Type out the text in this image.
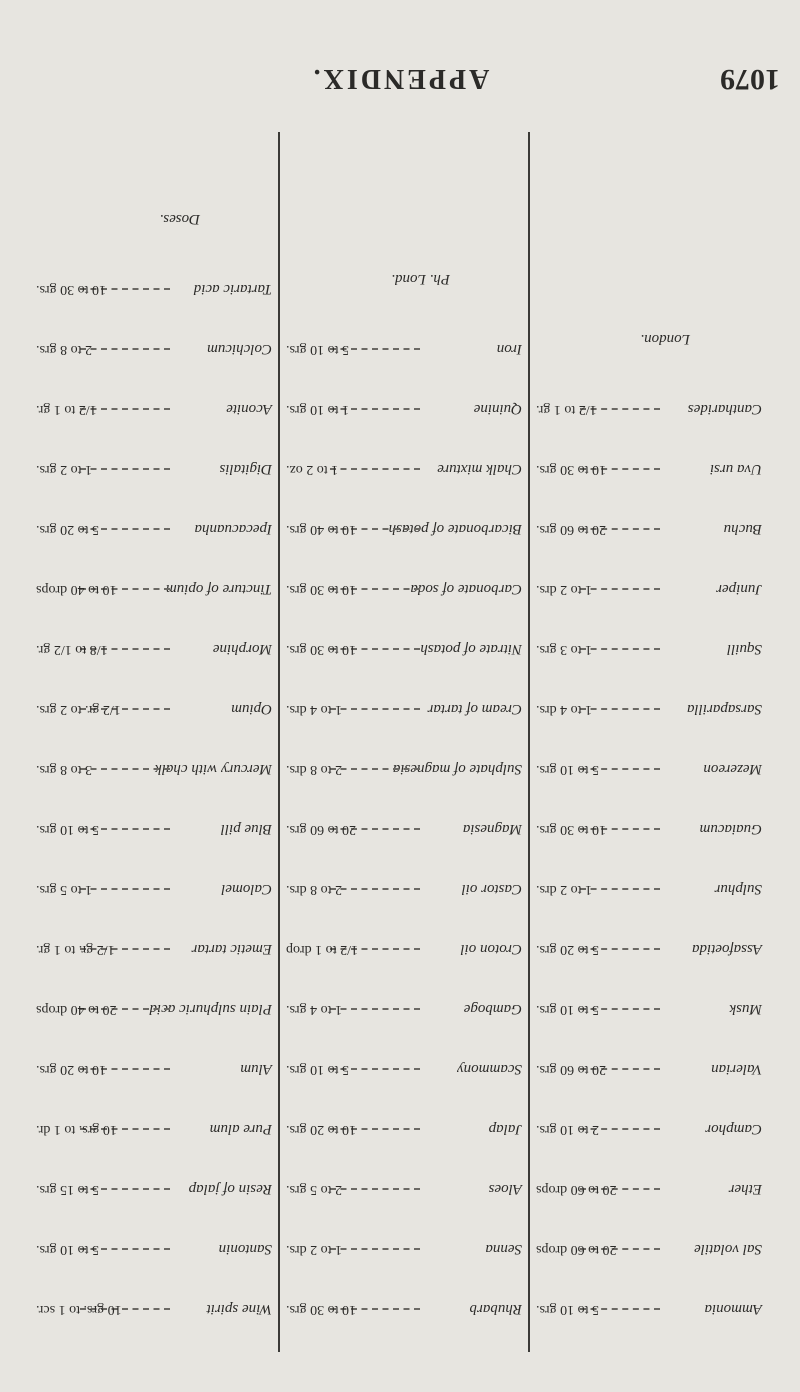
1079
APPENDIX.
Wine spirit
10 grs. to 1 scr.
Santonin
5 to 10 grs.
Resin of jalap
5 to 15 grs.
Pure alum
10 grs. to 1 dr.
Alum
10 to 20 grs.
Plain sulphuric acid
20 to 40 drops
Emetic tartar
1/2 gr. to 1 gr.
Calomel
1 to 5 grs.
Blue pill
5 to 10 grs.
Mercury with chalk
3 to 8 grs.
Opium
1/2 gr. to 2 grs.
Morphine
1/8 to 1/2 gr.
Tincture of opium
10 to 40 drops
Ipecacuanha
5 to 20 grs.
Digitalis
1 to 2 grs.
Aconite
1/2 to 1 gr.
Colchicum
2 to 8 grs.
Tartaric acid
10 to 30 grs.
Doses.
Rhubarb
10 to 30 grs.
Senna
1 to 2 drs.
Aloes
2 to 5 grs.
Jalap
10 to 20 grs.
Scammony
5 to 10 grs.
Gamboge
1 to 4 grs.
Croton oil
1/2 to 1 drop
Castor oil
2 to 8 drs.
Magnesia
20 to 60 grs.
Sulphate of magnesia
2 to 8 drs.
Cream of tartar
1 to 4 drs.
Nitrate of potash
10 to 30 grs.
Carbonate of soda
10 to 30 grs.
Bicarbonate of potash
10 to 40 grs.
Chalk mixture
1 to 2 oz.
Quinine
1 to 10 grs.
Iron
5 to 10 grs.
Ph. Lond.
Ammonia
5 to 10 grs.
Sal volatile
20 to 60 drops
Ether
20 to 60 drops
Camphor
2 to 10 grs.
Valerian
20 to 60 grs.
Musk
5 to 10 grs.
Assafoetida
5 to 20 grs.
Sulphur
1 to 2 drs.
Guaiacum
10 to 30 grs.
Mezereon
5 to 10 grs.
Sarsaparilla
1 to 4 drs.
Squill
1 to 3 grs.
Juniper
1 to 2 drs.
Buchu
20 to 60 grs.
Uva ursi
10 to 30 grs.
Cantharides
1/2 to 1 gr.
London.
